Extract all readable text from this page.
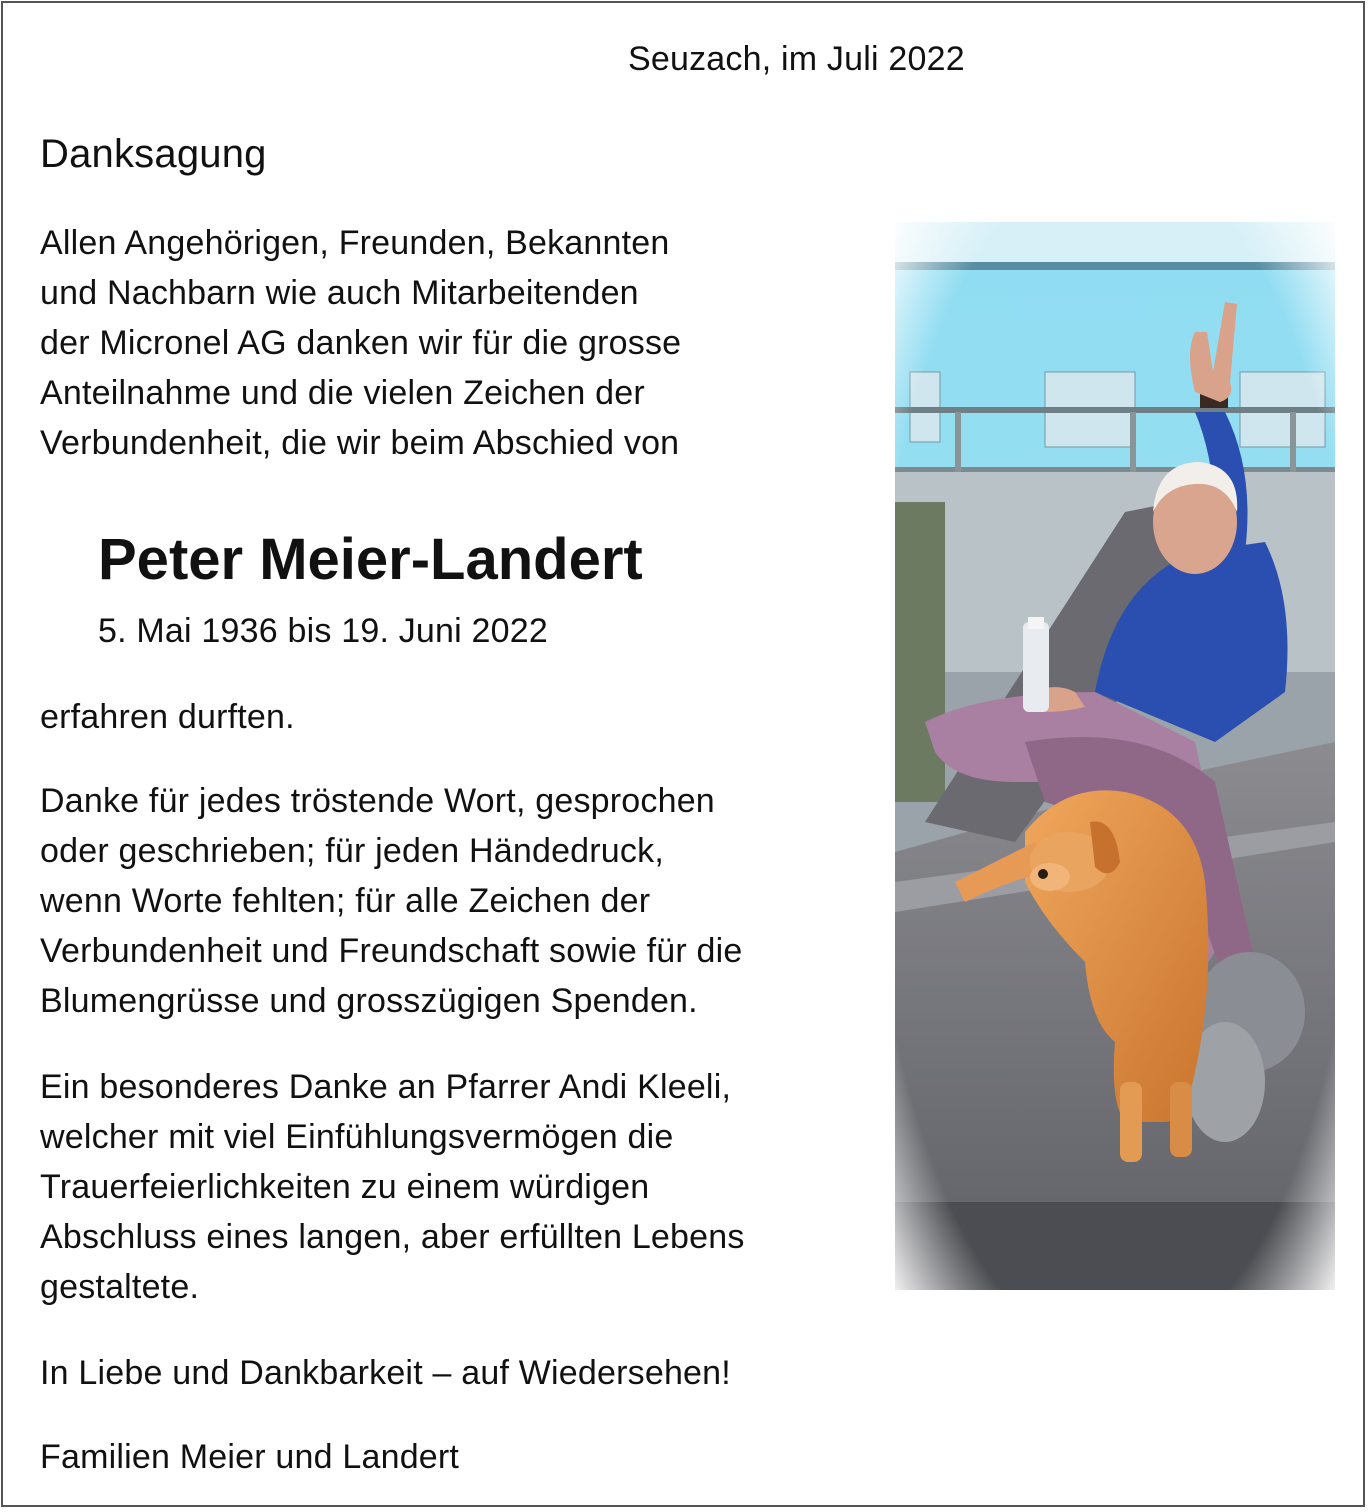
Seuzach, im Juli 2022
Danksagung
Allen Angehörigen, Freunden, Bekannten
und Nachbarn wie auch Mitarbeitenden
der Micronel AG danken wir für die grosse
Anteilnahme und die vielen Zeichen der
Verbundenheit, die wir beim Abschied von
Peter Meier-Landert
5. Mai 1936 bis 19. Juni 2022
erfahren durften.
Danke für jedes tröstende Wort, gesprochen
oder geschrieben; für jeden Händedruck,
wenn Worte fehlten; für alle Zeichen der
Verbundenheit und Freundschaft sowie für die
Blumengrüsse und grosszügigen Spenden.
Ein besonderes Danke an Pfarrer Andi Kleeli,
welcher mit viel Einfühlungsvermögen die
Trauerfeierlichkeiten zu einem würdigen
Abschluss eines langen, aber erfüllten Lebens
gestaltete.
In Liebe und Dankbarkeit – auf Wiedersehen!
Familien Meier und Landert
